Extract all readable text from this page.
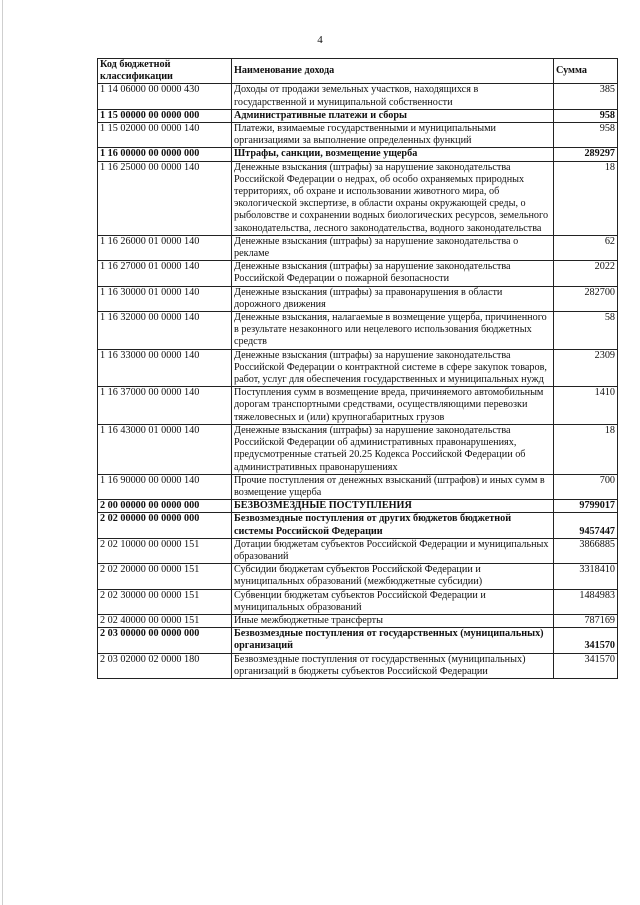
4
Код бюджетной классификации	Наименование дохода	Сумма
1 14 06000 00 0000 430	Доходы от продажи земельных участков, находящихся в государственной и муниципальной собственности	385
1 15 00000 00 0000 000	Административные платежи и сборы	958
1 15 02000 00 0000 140	Платежи, взимаемые государственными и муниципальными организациями за выполнение определенных функций	958
1 16 00000 00 0000 000	Штрафы, санкции, возмещение ущерба	289297
1 16 25000 00 0000 140	Денежные взыскания (штрафы) за нарушение законодательства Российской Федерации о недрах, об особо охраняемых природных территориях, об охране и использовании животного мира, об экологической экспертизе, в области охраны окружающей среды, о рыболовстве и сохранении водных биологических ресурсов, земельного законодательства, лесного законодательства, водного законодательства	18
1 16 26000 01 0000 140	Денежные взыскания (штрафы) за нарушение законодательства о рекламе	62
1 16 27000 01 0000 140	Денежные взыскания (штрафы) за нарушение законодательства Российской Федерации о пожарной безопасности	2022
1 16 30000 01 0000 140	Денежные взыскания (штрафы) за правонарушения в области дорожного движения	282700
1 16 32000 00 0000 140	Денежные взыскания, налагаемые в возмещение ущерба, причиненного в результате незаконного или нецелевого использования бюджетных средств	58
1 16 33000 00 0000 140	Денежные взыскания (штрафы) за нарушение законодательства Российской Федерации о контрактной системе в сфере закупок товаров, работ, услуг для обеспечения государственных и муниципальных нужд	2309
1 16 37000 00 0000 140	Поступления сумм в возмещение вреда, причиняемого автомобильным дорогам транспортными средствами, осуществляющими перевозки тяжеловесных и (или) крупногабаритных грузов	1410
1 16 43000 01 0000 140	Денежные взыскания (штрафы) за нарушение законодательства Российской Федерации об административных правонарушениях, предусмотренные статьей 20.25 Кодекса Российской Федерации об административных правонарушениях	18
1 16 90000 00 0000 140	Прочие поступления от денежных взысканий (штрафов) и иных сумм в возмещение ущерба	700
2 00 00000 00 0000 000	БЕЗВОЗМЕЗДНЫЕ ПОСТУПЛЕНИЯ	9799017
2 02 00000 00 0000 000	Безвозмездные поступления от других бюджетов бюджетной системы Российской Федерации	9457447
2 02 10000 00 0000 151	Дотации бюджетам субъектов Российской Федерации и муниципальных образований	3866885
2 02 20000 00 0000 151	Субсидии бюджетам субъектов Российской Федерации и муниципальных образований (межбюджетные субсидии)	3318410
2 02 30000 00 0000 151	Субвенции бюджетам субъектов Российской Федерации и муниципальных образований	1484983
2 02 40000 00 0000 151	Иные межбюджетные трансферты	787169
2 03 00000 00 0000 000	Безвозмездные поступления от государственных (муниципальных) организаций	341570
2 03 02000 02 0000 180	Безвозмездные поступления от государственных (муниципальных) организаций в бюджеты субъектов Российской Федерации	341570
